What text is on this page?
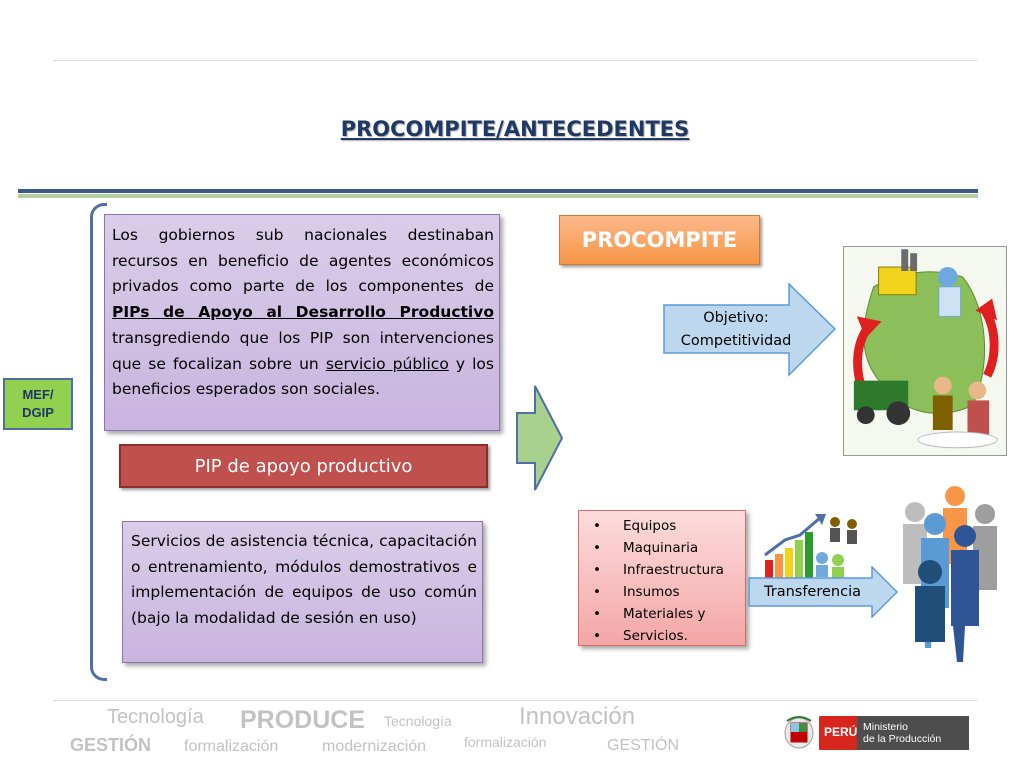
PROCOMPITE/ANTECEDENTES
MEF/
DGIP
Los gobiernos sub nacionales destinaban recursos en beneficio de agentes económicos privados como parte de los componentes de PIPs de Apoyo al Desarrollo Productivo transgrediendo que los PIP son intervenciones que se focalizan sobre un servicio público y los beneficios esperados son sociales.
PIP de apoyo productivo
Servicios de asistencia técnica, capacitación o entrenamiento, módulos demostrativos e implementación de equipos de uso común (bajo la modalidad de sesión en uso)
PROCOMPITE
Objetivo:
Competitividad
• Equipos
• Maquinaria
• Infraestructura
• Insumos
• Materiales y
• Servicios.
Transferencia
Tecnología PRODUCE Tecnología	Innovación
GESTIÓN formalización	modernización	formalización	GESTIÓN
PERÚ Ministerio
de la Producción
